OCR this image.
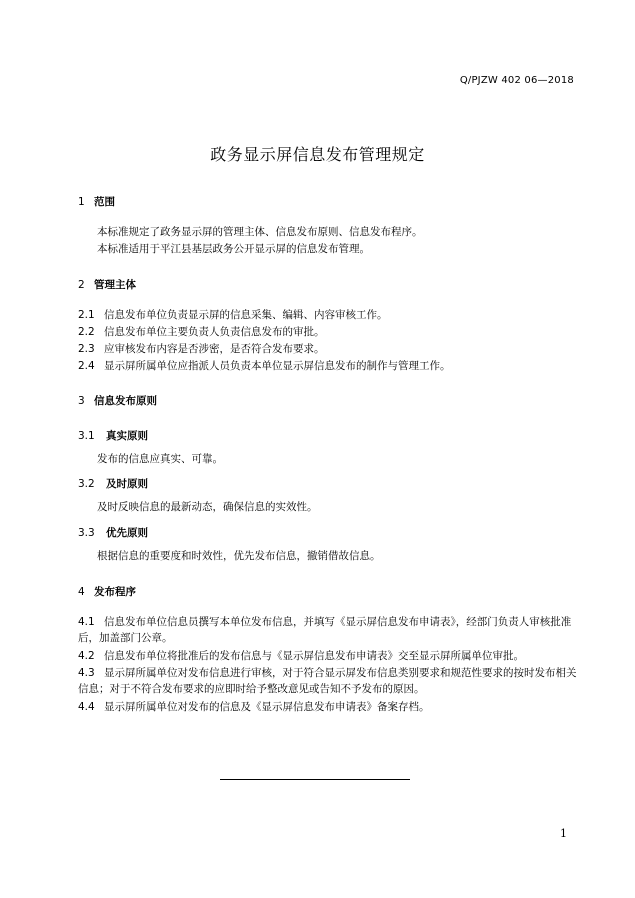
Q/PJZW 402 06—2018
政务显示屏信息发布管理规定
1 范围
本标准规定了政务显示屏的管理主体、信息发布原则、信息发布程序。
本标准适用于平江县基层政务公开显示屏的信息发布管理。
2 管理主体
2.1 信息发布单位负责显示屏的信息采集、编辑、内容审核工作。
2.2 信息发布单位主要负责人负责信息发布的审批。
2.3 应审核发布内容是否涉密，是否符合发布要求。
2.4 显示屏所属单位应指派人员负责本单位显示屏信息发布的制作与管理工作。
3 信息发布原则
3.1 真实原则
发布的信息应真实、可靠。
3.2 及时原则
及时反映信息的最新动态，确保信息的实效性。
3.3 优先原则
根据信息的重要度和时效性，优先发布信息，撤销借故信息。
4 发布程序
4.1 信息发布单位信息员撰写本单位发布信息，并填写《显示屏信息发布申请表》，经部门负责人审核批准后，加盖部门公章。
4.2 信息发布单位将批准后的发布信息与《显示屏信息发布申请表》交至显示屏所属单位审批。
4.3 显示屏所属单位对发布信息进行审核，对于符合显示屏发布信息类别要求和规范性要求的按时发布相关信息；对于不符合发布要求的应即时给予整改意见或告知不予发布的原因。
4.4 显示屏所属单位对发布的信息及《显示屏信息发布申请表》备案存档。
1
